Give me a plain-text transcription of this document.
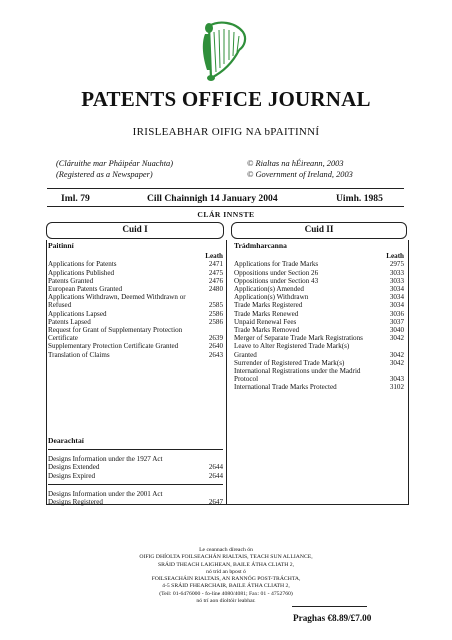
PATENTS OFFICE JOURNAL
IRISLEABHAR OIFIG NA bPAITINNÍ
(Cláruithe mar Pháipéar Nuachta)
(Registered as a Newspaper)
© Rialtas na hÉireann, 2003
© Government of Ireland, 2003
Iml. 79	Cill Chainnigh 14 January 2004	Uimh. 1985
CLÁR INNSTE
Cuid I	Cuid II
Paitinní
Leath
Applications for Patents	2471
Applications Published	2475
Patents Granted	2476
European Patents Granted	2480
Applications Withdrawn, Deemed Withdrawn or
Refused	2585
Applications Lapsed	2586
Patents Lapsed	2586
Request for Grant of Supplementary Protection
Certificate	2639
Supplementary Protection Certificate Granted	2640
Translation of Claims	2643
Dearachtaí
Designs Information under the 1927 Act
Designs Extended	2644
Designs Expired	2644
Designs Information under the 2001 Act
Designs Registered	2647
Trádmharcanna
Leath
Applications for Trade Marks	2975
Oppositions under Section 26	3033
Oppositions under Section 43	3033
Application(s) Amended	3034
Application(s) Withdrawn	3034
Trade Marks Registered	3034
Trade Marks Renewed	3036
Unpaid Renewal Fees	3037
Trade Marks Removed	3040
Merger of Separate Trade Mark Registrations	3042
Leave to Alter Registered Trade Mark(s)
Granted	3042
Surrender of Registered Trade Mark(s)	3042
International Registrations under the Madrid
Protocol	3043
International Trade Marks Protected	3102
Le ceannach díreach ón
OIFIG DHÍOLTA FOILSEACHÁN RIALTAIS, TEACH SUN ALLIANCE,
SRÁID THEACH LAIGHEAN, BAILE ÁTHA CLIATH 2,
nó tríd an bpost ó
FOILSEACHÁIN RIALTAIS, AN RANNÓG POST-TRÁCHTA,
4-5 SRÁID FHEARCHAIR, BAILE ÁTHA CLIATH 2,
(Teil: 01-6476000 - fo-líne 4080/4081; Fax: 01 - 4752760)
nó trí aon díoltóir leabhar.
Praghas €8.89/£7.00
